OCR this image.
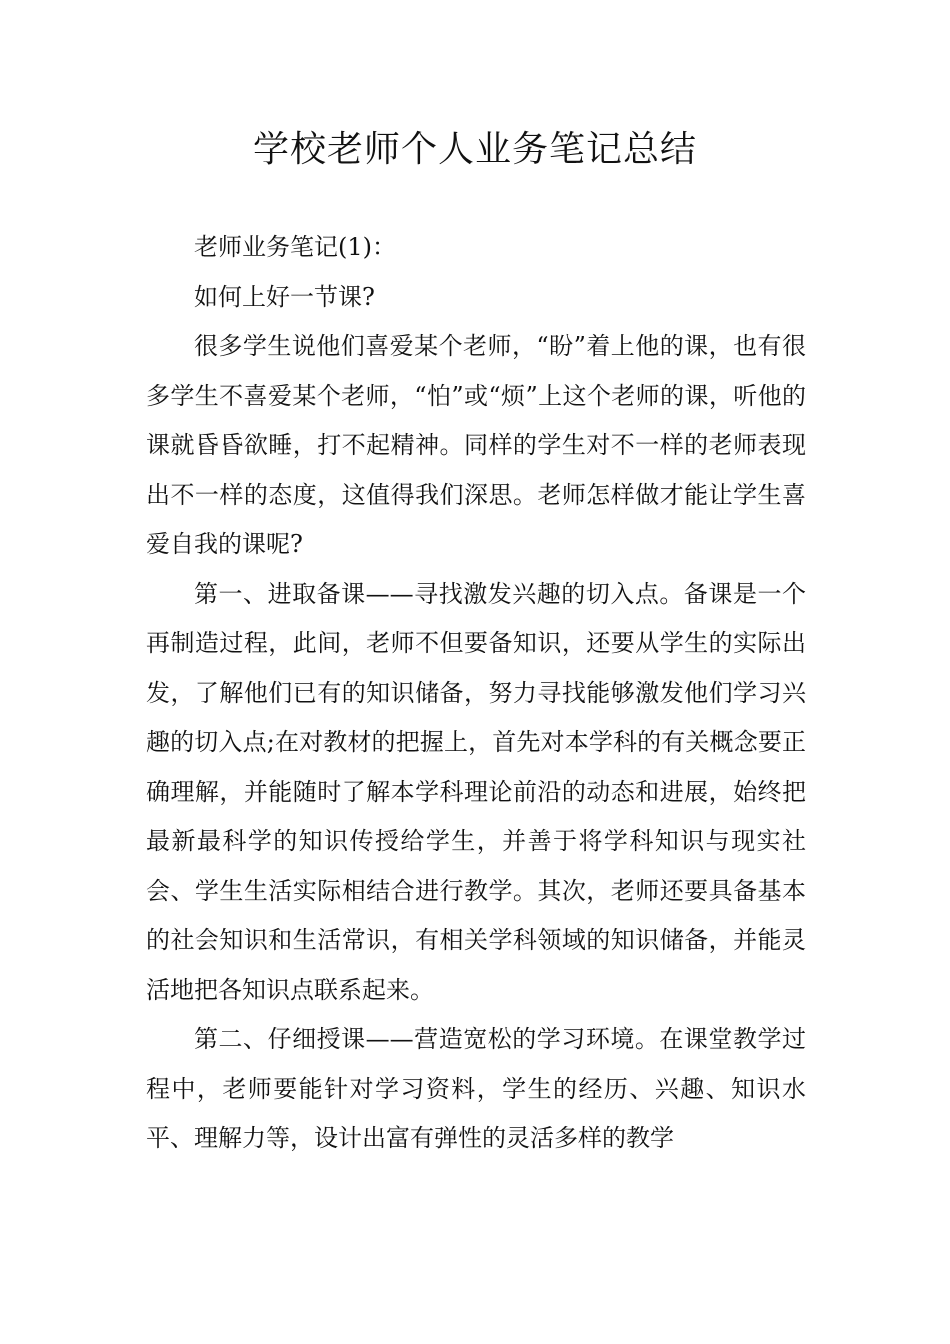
学校老师个人业务笔记总结

老师业务笔记(1)：

如何上好一节课?

很多学生说他们喜爱某个老师，“盼”着上他的课，也有很多学生不喜爱某个老师，“怕”或“烦”上这个老师的课，听他的课就昏昏欲睡，打不起精神。同样的学生对不一样的老师表现出不一样的态度，这值得我们深思。老师怎样做才能让学生喜爱自我的课呢?

第一、进取备课——寻找激发兴趣的切入点。备课是一个再制造过程，此间，老师不但要备知识，还要从学生的实际出发，了解他们已有的知识储备，努力寻找能够激发他们学习兴趣的切入点;在对教材的把握上，首先对本学科的有关概念要正确理解，并能随时了解本学科理论前沿的动态和进展，始终把最新最科学的知识传授给学生，并善于将学科知识与现实社会、学生生活实际相结合进行教学。其次，老师还要具备基本的社会知识和生活常识，有相关学科领域的知识储备，并能灵活地把各知识点联系起来。

第二、仔细授课——营造宽松的学习环境。在课堂教学过程中，老师要能针对学习资料，学生的经历、兴趣、知识水平、理解力等，设计出富有弹性的灵活多样的教学
